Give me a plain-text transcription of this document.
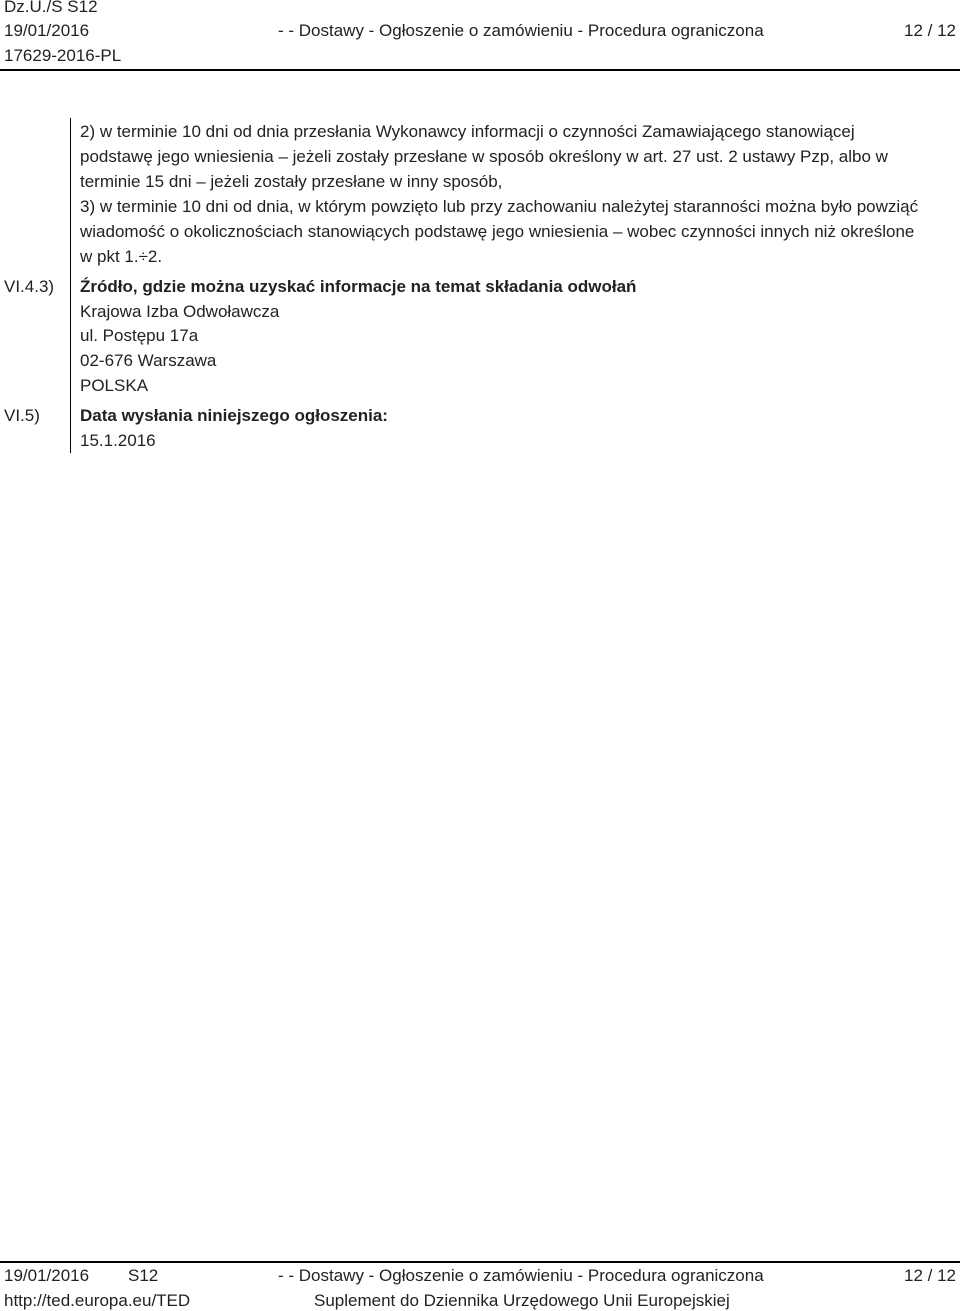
Dz.U./S S12
19/01/2016	- - Dostawy - Ogłoszenie o zamówieniu - Procedura ograniczona	12 / 12
17629-2016-PL
2) w terminie 10 dni od dnia przesłania Wykonawcy informacji o czynności Zamawiającego stanowiącej
podstawę jego wniesienia – jeżeli zostały przesłane w sposób określony w art. 27 ust. 2 ustawy Pzp, albo w
terminie 15 dni – jeżeli zostały przesłane w inny sposób,
3) w terminie 10 dni od dnia, w którym powzięto lub przy zachowaniu należytej staranności można było powziąć
wiadomość o okolicznościach stanowiących podstawę jego wniesienia – wobec czynności innych niż określone
w pkt 1.÷2.
VI.4.3) Źródło, gdzie można uzyskać informacje na temat składania odwołań
Krajowa Izba Odwoławcza
ul. Postępu 17a
02-676 Warszawa
POLSKA
VI.5) Data wysłania niniejszego ogłoszenia:
15.1.2016
19/01/2016 S12	- - Dostawy - Ogłoszenie o zamówieniu - Procedura ograniczona	12 / 12
http://ted.europa.eu/TED	Suplement do Dziennika Urzędowego Unii Europejskiej
